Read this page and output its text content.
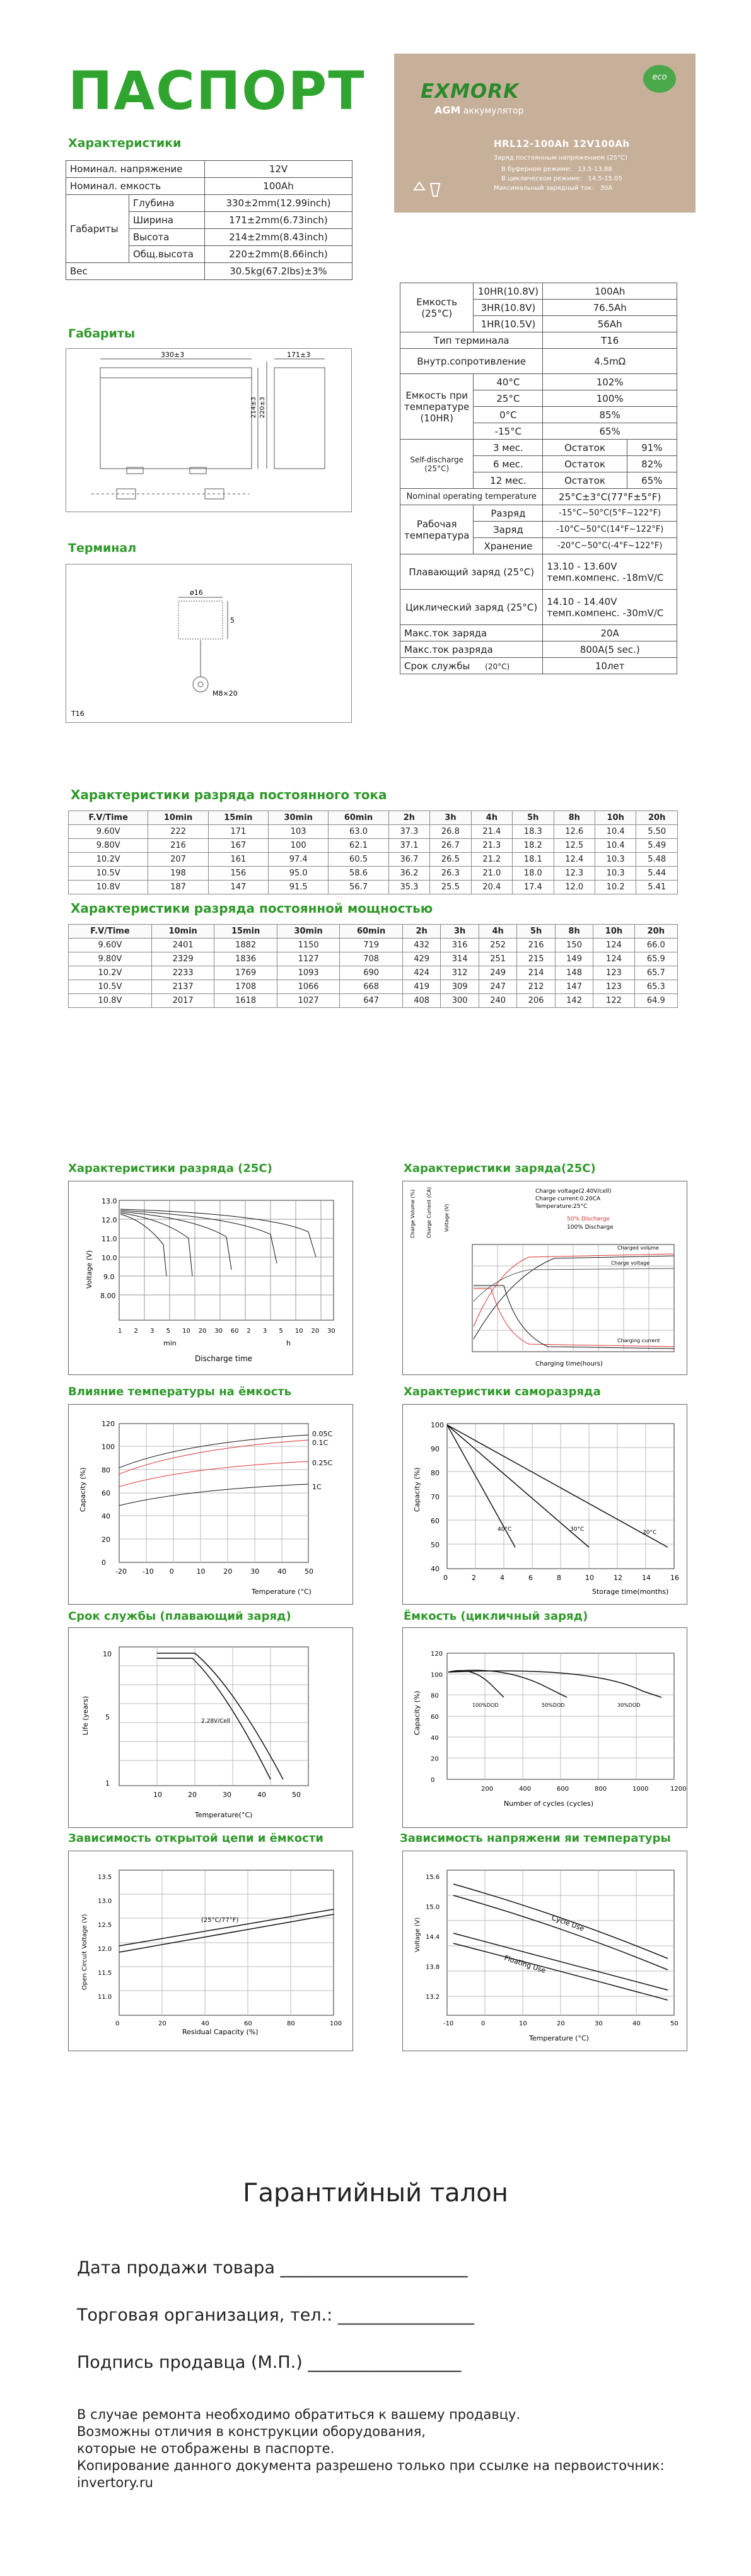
ПАСПОРТ	EXMORK
eco
AGM аккумулятор
HRL12-100Ah 12V100Ah
Заряд постоянным напряжением (25°C)
В буферном режиме: 13.5-13.88
В циклическом режиме: 14.5-15.05
Максимальный зарядный ток: 30A
Характеристики
Номинал. напряжение		12V
Номинал. емкость		100Ah
Габариты	Глубина	330±2mm(12.99inch)
	Ширина	171±2mm(6.73inch)
	Высота	214±2mm(8.43inch)
	Общ.высота	220±2mm(8.66inch)
Вес		30.5kg(67.2lbs)±3%
Габариты
330±3	171±3
214±3 220±3
Терминал
ø16
5
M8×20
T16
Емкость (25°C)	10HR(10.8V)	100Ah	
	3HR(10.8V)	76.5Ah	
	1HR(10.5V)	56Ah	
Тип терминала		T16	
Внутр.сопротивление		4.5mΩ	
Емкость при температуре (10HR)	40°C	102%	
	25°C	100%	
	0°C	85%	
	-15°C	65%	
Self-discharge (25°C)	3 мес.	Остаток	91%
	6 мес.	Остаток	82%
	12 мес.	Остаток	65%
Nominal operating temperature		25°C±3°C(77°F±5°F)	
Рабочая температура	Разряд	-15°C~50°C(5°F~122°F)	
	Заряд	-10°C~50°C(14°F~122°F)	
	Хранение	-20°C~50°C(-4°F~122°F)	
Плавающий заряд (25°C)		13.10 - 13.60V
темп.компенс. -18mV/C	

Циклический заряд (25°C)		14.10 - 14.40V
темп.компенс. -30mV/C	

Макс.ток заряда		20A	
Макс.ток разряда		800A(5 sec.)	
Срок службы (20°C)		10лет	
Характеристики разряда постоянного тока
F.V/Time	10min	15min	30min	60min	2h	3h	4h	5h	8h	10h	20h
9.60V	222	171	103	63.0	37.3	26.8	21.4	18.3	12.6	10.4	5.50
9.80V	216	167	100	62.1	37.1	26.7	21.3	18.2	12.5	10.4	5.49
10.2V	207	161	97.4	60.5	36.7	26.5	21.2	18.1	12.4	10.3	5.48
10.5V	198	156	95.0	58.6	36.2	26.3	21.0	18.0	12.3	10.3	5.44
10.8V	187	147	91.5	56.7	35.3	25.5	20.4	17.4	12.0	10.2	5.41
Характеристики разряда постоянной мощностью
F.V/Time	10min	15min	30min	60min	2h	3h	4h	5h	8h	10h	20h
9.60V	2401	1882	1150	719	432	316	252	216	150	124	66.0
9.80V	2329	1836	1127	708	429	314	251	215	149	124	65.9
10.2V	2233	1769	1093	690	424	312	249	214	148	123	65.7
10.5V	2137	1708	1066	668	419	309	247	212	147	123	65.3
10.8V	2017	1618	1027	647	408	300	240	206	142	122	64.9
Характеристики разряда (25C)
13.0
12.0
11.0
10.0
9.0
8.00
Voltage (V)
1 2 3 5 10 20 30 60 2 3 5 10 20 30
min	h
Discharge time
Характеристики заряда(25C)
Charge voltage(2.40V/cell)
Charge current:0.20CA
Temperature:25°C
50% Discharge
100% Discharge
Charged volume
Charge voltage
Charging current
Charge Volume (%) Charge Current (CA) Voltage (V)
Charging time(hours)
Влияние температуры на ёмкость
120
100
80
60
40
20
0
-20 -10 0	10	20	30	40	50
0.05C
0.1C
0.25C
1C
Capacity (%)
Temperature (°C)
Характеристики саморазряда
100
90
80
70
60
50
40
0	2	4	6	8	10	12	14	16
40°C	30°C	20°C
Capacity (%)
Storage time(months)
Срок службы (плавающий заряд)
10
5
1
10	20	30	40	50
2.28V/Cell
Life (years)
Temperature(°C)
Ёмкость (цикличный заряд)
120
100
80
60
40
20
0
200	400	600	800	1000	1200
100%DOD	50%DOD	30%DOD
Capacity (%)
Number of cycles (cycles)
Зависимость открытой цепи и ёмкости
13.5
13.0
12.5
12.0
11.5
11.0
0	20	40	60	80	100
(25°C/77°F)
Open Circuit Voltage (V)
Residual Capacity (%)
Зависимость напряжени яи температуры
15.6
15.0
14.4
13.8
13.2
-10	0	10	20	30	40	50
Cycle Use
Floating Use
Voltage (V)
Temperature (°C)
Гарантийный талон
Дата продажи товара ______________________
Торговая организация, тел.: ________________
Подпись продавца (М.П.) __________________
В случае ремонта необходимо обратиться к вашему продавцу.
Возможны отличия в конструкции оборудования,
которые не отображены в паспорте.
Копирование данного документа разрешено только при ссылке на первоисточник:
invertory.ru
